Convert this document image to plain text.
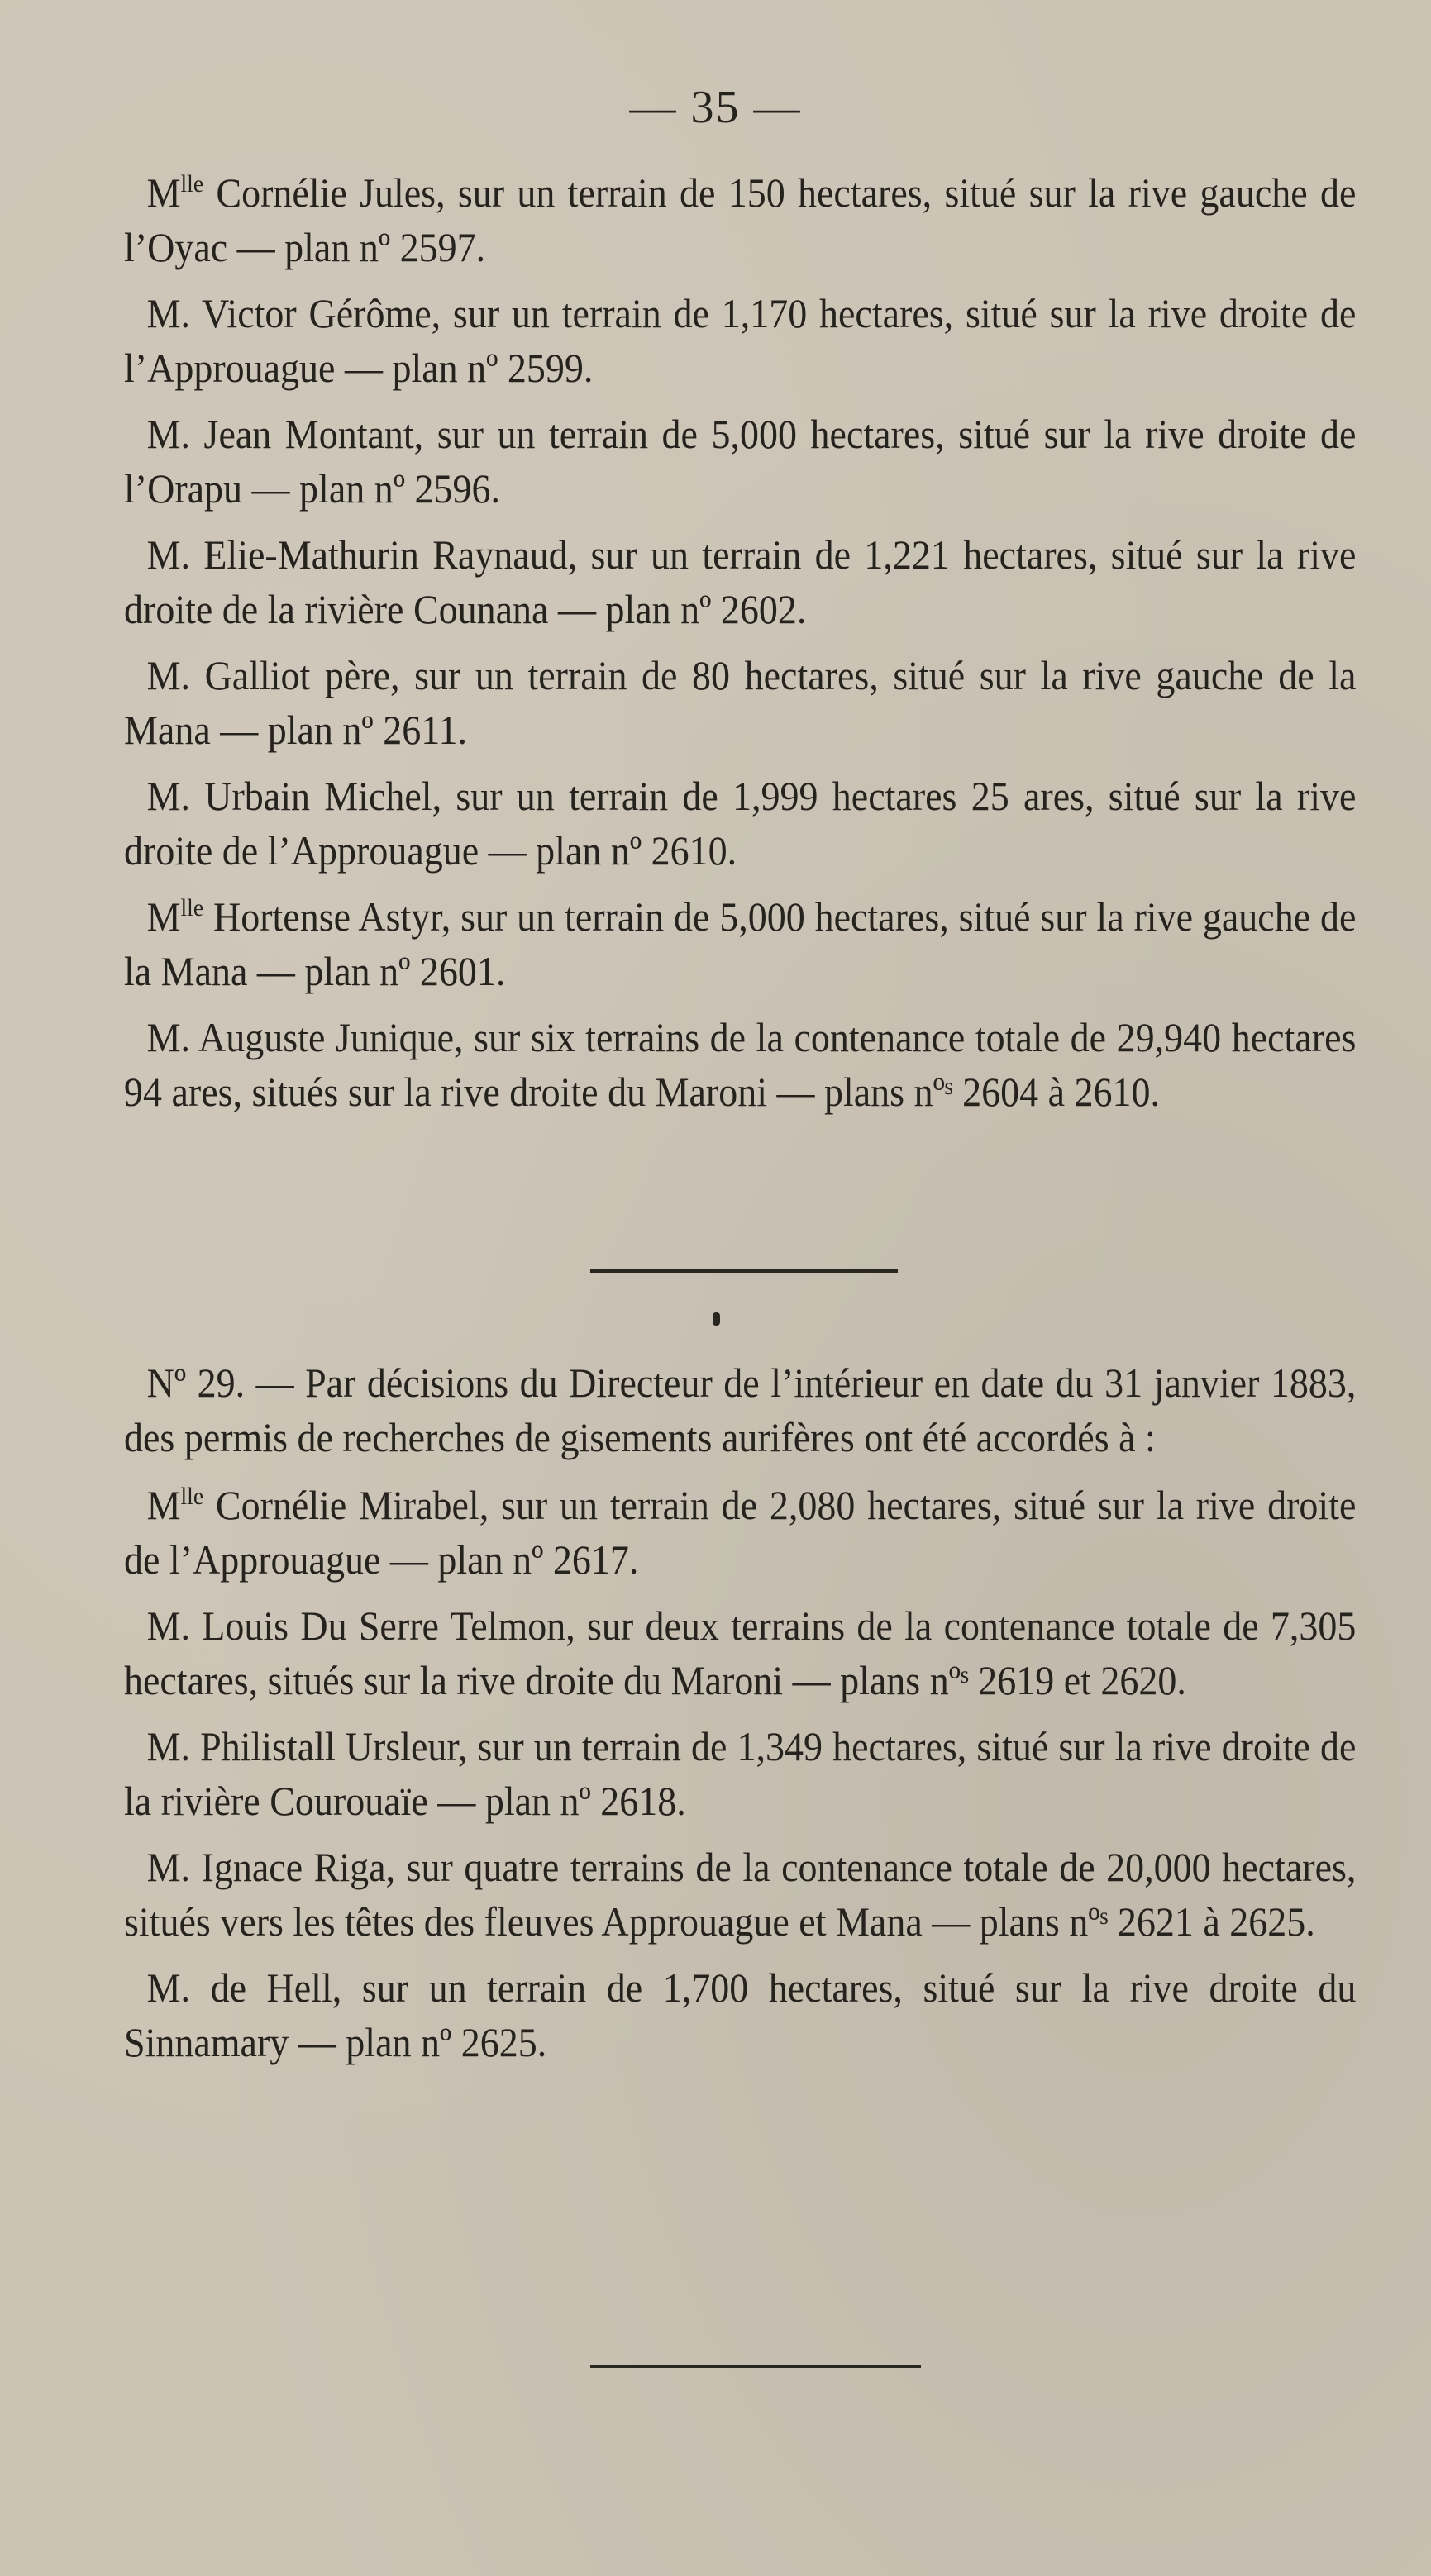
— 35 —

$M^{lle}$ Cornélie Jules, sur un terrain de 150 hectares, situé sur la rive gauche de l’Oyac — plan nº 2597.

M. Victor Gérôme, sur un terrain de 1,170 hectares, situé sur la rive droite de l’Approuague — plan nº 2599.

M. Jean Montant, sur un terrain de 5,000 hectares, situé sur la rive droite de l’Orapu — plan nº 2596.

M. Elie-Mathurin Raynaud, sur un terrain de 1,221 hectares, situé sur la rive droite de la rivière Counana — plan nº 2602.

M. Galliot père, sur un terrain de 80 hectares, situé sur la rive gauche de la Mana — plan nº 2611.

M. Urbain Michel, sur un terrain de 1,999 hectares 25 ares, situé sur la rive droite de l’Approuague — plan nº 2610.

$M^{lle}$ Hortense Astyr, sur un terrain de 5,000 hectares, situé sur la rive gauche de la Mana — plan nº 2601.

M. Auguste Junique, sur six terrains de la contenance totale de 29,940 hectares 94 ares, situés sur la rive droite du Maroni — plans nºˢ 2604 à 2610.

Nº 29. — Par décisions du Directeur de l’intérieur en date du 31 janvier 1883, des permis de recherches de gisements aurifères ont été accordés à :

$M^{lle}$ Cornélie Mirabel, sur un terrain de 2,080 hectares, situé sur la rive droite de l’Approuague — plan nº 2617.

M. Louis Du Serre Telmon, sur deux terrains de la contenance totale de 7,305 hectares, situés sur la rive droite du Maroni — plans nºˢ 2619 et 2620.

M. Philistall Ursleur, sur un terrain de 1,349 hectares, situé sur la rive droite de la rivière Courouaïe — plan nº 2618.

M. Ignace Riga, sur quatre terrains de la contenance totale de 20,000 hectares, situés vers les têtes des fleuves Approuague et Mana — plans nºˢ 2621 à 2625.

M. de Hell, sur un terrain de 1,700 hectares, situé sur la rive droite du Sinnamary — plan nº 2625.
